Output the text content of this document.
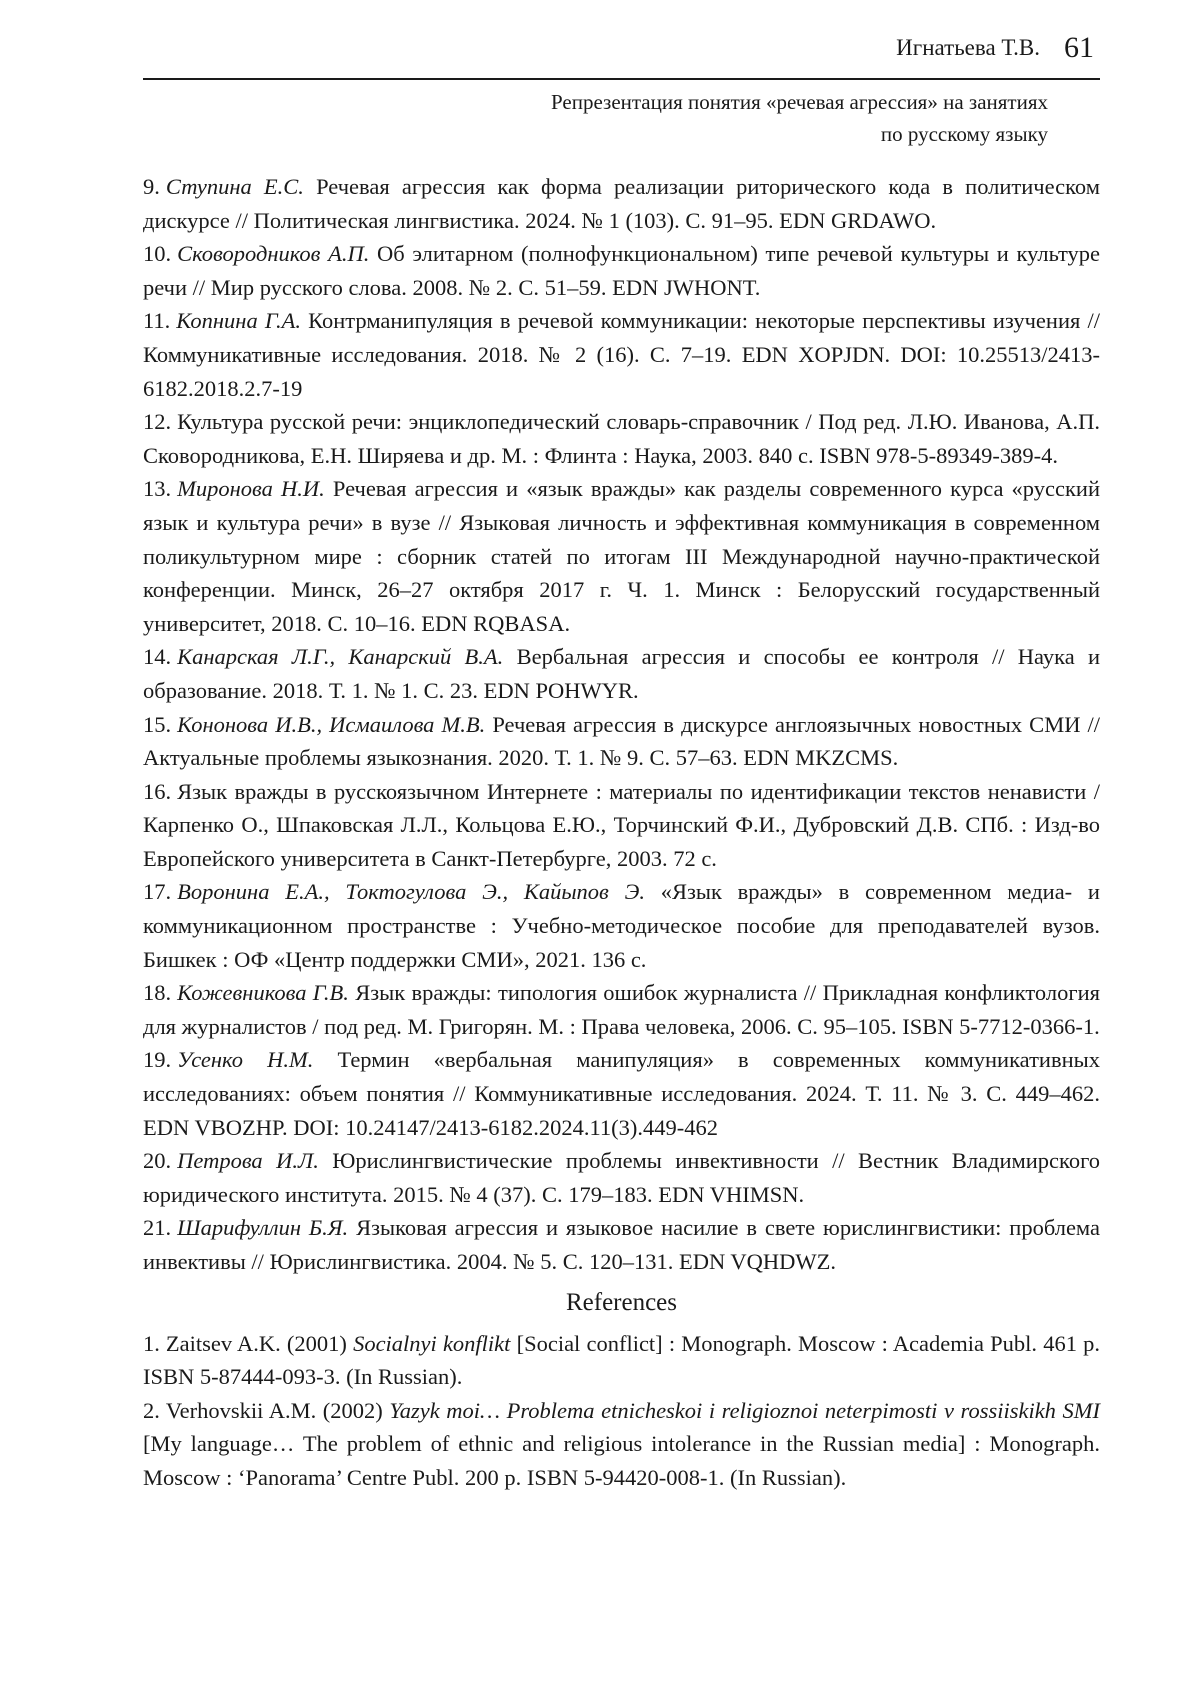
Игнатьева Т.В. 61
Репрезентация понятия «речевая агрессия» на занятиях
по русскому языку

9. Ступина Е.С. Речевая агрессия как форма реализации риторического кода в политическом дискурсе // Политическая лингвистика. 2024. № 1 (103). С. 91–95. EDN GRDAWO.

10. Сковородников А.П. Об элитарном (полнофункциональном) типе речевой культуры и культуре речи // Мир русского слова. 2008. № 2. С. 51–59. EDN JWHONT.

11. Копнина Г.А. Контрманипуляция в речевой коммуникации: некоторые перспективы изучения // Коммуникативные исследования. 2018. № 2 (16). С. 7–19. EDN XOPJDN. DOI: 10.25513/2413-6182.2018.2.7-19

12. Культура русской речи: энциклопедический словарь-справочник / Под ред. Л.Ю. Иванова, А.П. Сковородникова, Е.Н. Ширяева и др. М. : Флинта : Наука, 2003. 840 с. ISBN 978-5-89349-389-4.

13. Миронова Н.И. Речевая агрессия и «язык вражды» как разделы современного курса «русский язык и культура речи» в вузе // Языковая личность и эффективная коммуникация в современном поликультурном мире : сборник статей по итогам III Международной научно-практической конференции. Минск, 26–27 октября 2017 г. Ч. 1. Минск : Белорусский государственный университет, 2018. С. 10–16. EDN RQBASA.

14. Канарская Л.Г., Канарский В.А. Вербальная агрессия и способы ее контроля // Наука и образование. 2018. Т. 1. № 1. С. 23. EDN POHWYR.

15. Кононова И.В., Исмаилова М.В. Речевая агрессия в дискурсе англоязычных новостных СМИ // Актуальные проблемы языкознания. 2020. Т. 1. № 9. С. 57–63. EDN MKZCMS.

16. Язык вражды в русскоязычном Интернете : материалы по идентификации текстов ненависти / Карпенко О., Шпаковская Л.Л., Кольцова Е.Ю., Торчинский Ф.И., Дубровский Д.В. СПб. : Изд-во Европейского университета в Санкт-Петербурге, 2003. 72 с.

17. Воронина Е.А., Токтогулова Э., Кайыпов Э. «Язык вражды» в современном медиа- и коммуникационном пространстве : Учебно-методическое пособие для преподавателей вузов. Бишкек : ОФ «Центр поддержки СМИ», 2021. 136 с.

18. Кожевникова Г.В. Язык вражды: типология ошибок журналиста // Прикладная конфликтология для журналистов / под ред. М. Григорян. М. : Права человека, 2006. С. 95–105. ISBN 5-7712-0366-1.

19. Усенко Н.М. Термин «вербальная манипуляция» в современных коммуникативных исследованиях: объем понятия // Коммуникативные исследования. 2024. Т. 11. № 3. С. 449–462. EDN VBOZHP. DOI: 10.24147/2413-6182.2024.11(3).449-462

20. Петрова И.Л. Юрислингвистические проблемы инвективности // Вестник Владимирского юридического института. 2015. № 4 (37). С. 179–183. EDN VHIMSN.

21. Шарифуллин Б.Я. Языковая агрессия и языковое насилие в свете юрислингвистики: проблема инвективы // Юрислингвистика. 2004. № 5. С. 120–131. EDN VQHDWZ.

References

1. Zaitsev A.K. (2001) Socialnyi konflikt [Social conflict] : Monograph. Moscow : Academia Publ. 461 p. ISBN 5-87444-093-3. (In Russian).

2. Verhovskii A.M. (2002) Yazyk moi… Problema etnicheskoi i religioznoi neterpimosti v rossiiskikh SMI [My language… The problem of ethnic and religious intolerance in the Russian media] : Monograph. Moscow : ‘Panorama’ Centre Publ. 200 p. ISBN 5-94420-008-1. (In Russian).
